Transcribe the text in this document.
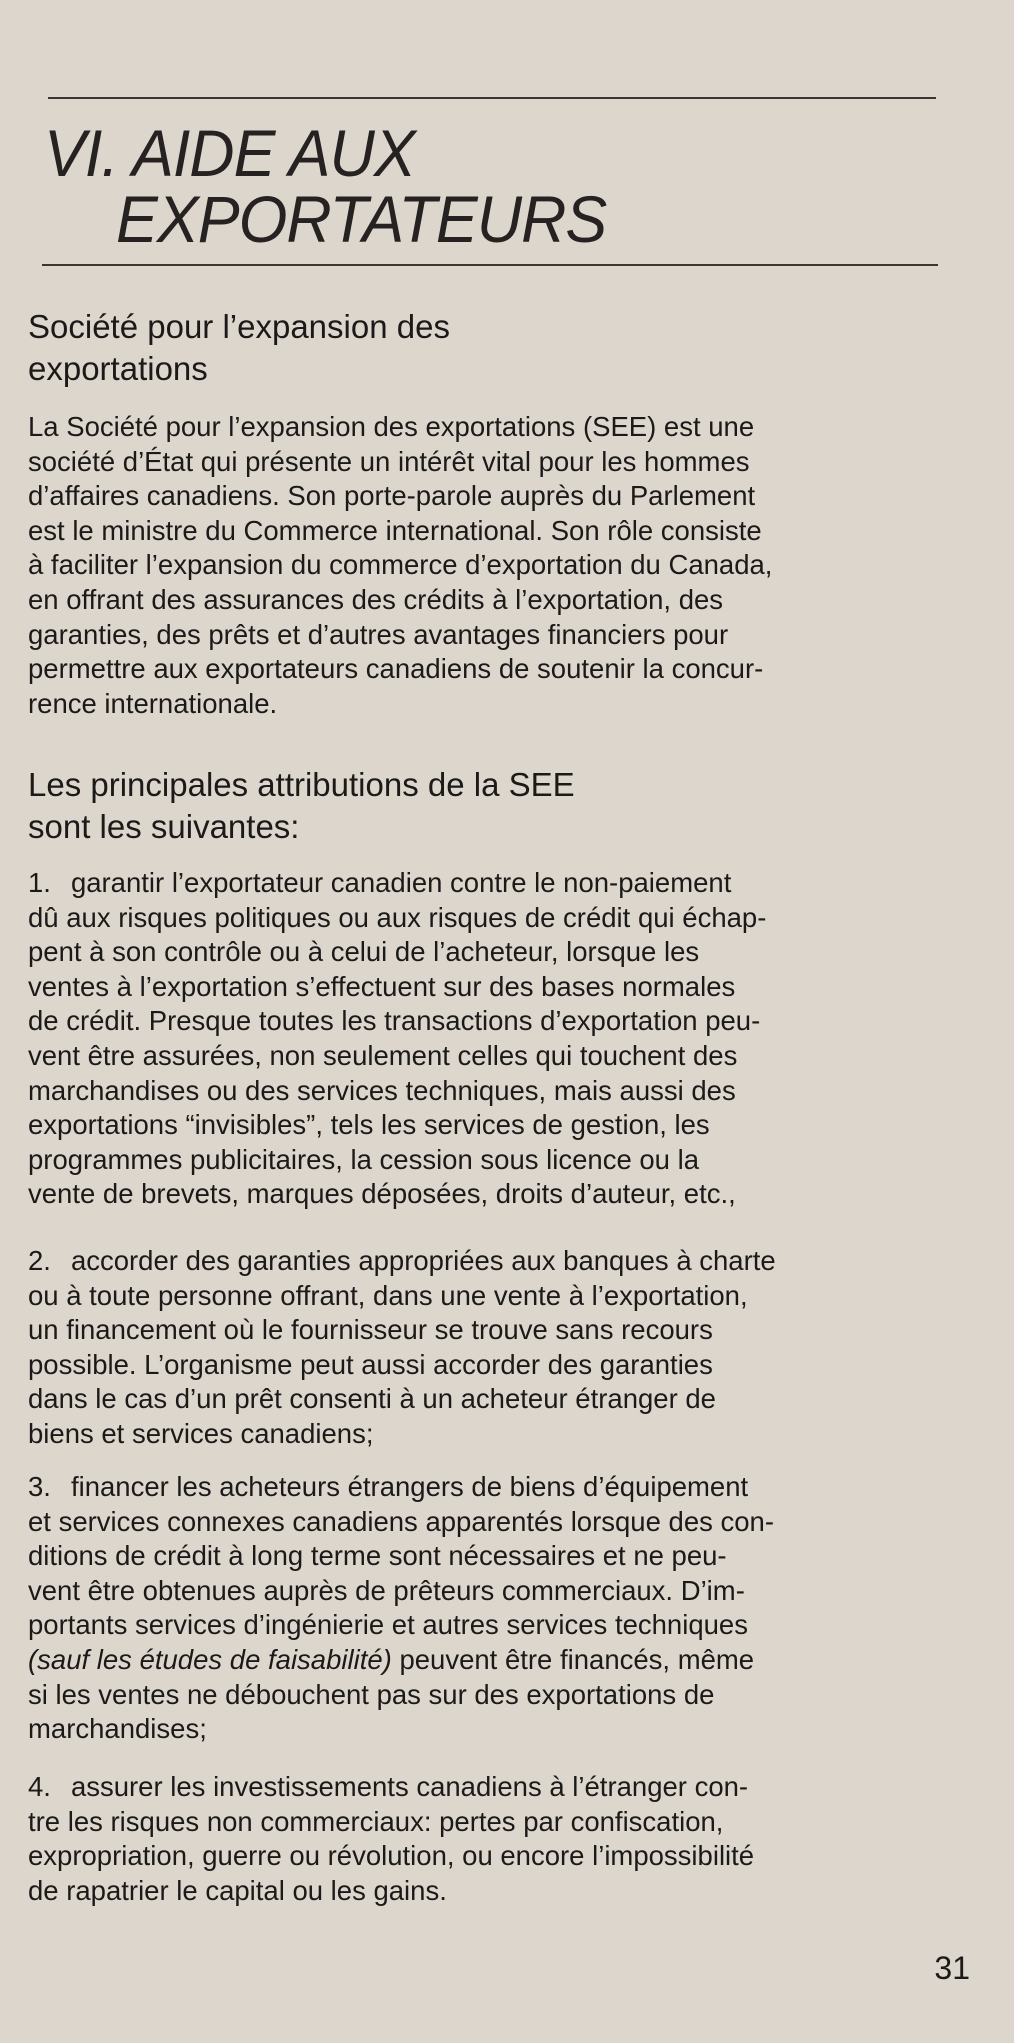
VI. AIDE AUX
EXPORTATEURS
Société pour l’expansion des
exportations
La Société pour l’expansion des exportations (SEE) est une
société d’État qui présente un intérêt vital pour les hommes
d’affaires canadiens. Son porte-parole auprès du Parlement
est le ministre du Commerce international. Son rôle consiste
à faciliter l’expansion du commerce d’exportation du Canada,
en offrant des assurances des crédits à l’exportation, des
garanties, des prêts et d’autres avantages financiers pour
permettre aux exportateurs canadiens de soutenir la concur-
rence internationale.
Les principales attributions de la SEE
sont les suivantes:
1. garantir l’exportateur canadien contre le non-paiement
dû aux risques politiques ou aux risques de crédit qui échap-
pent à son contrôle ou à celui de l’acheteur, lorsque les
ventes à l’exportation s’effectuent sur des bases normales
de crédit. Presque toutes les transactions d’exportation peu-
vent être assurées, non seulement celles qui touchent des
marchandises ou des services techniques, mais aussi des
exportations “invisibles”, tels les services de gestion, les
programmes publicitaires, la cession sous licence ou la
vente de brevets, marques déposées, droits d’auteur, etc.,
2. accorder des garanties appropriées aux banques à charte
ou à toute personne offrant, dans une vente à l’exportation,
un financement où le fournisseur se trouve sans recours
possible. L’organisme peut aussi accorder des garanties
dans le cas d’un prêt consenti à un acheteur étranger de
biens et services canadiens;
3. financer les acheteurs étrangers de biens d’équipement
et services connexes canadiens apparentés lorsque des con-
ditions de crédit à long terme sont nécessaires et ne peu-
vent être obtenues auprès de prêteurs commerciaux. D’im-
portants services d’ingénierie et autres services techniques
(sauf les études de faisabilité) peuvent être financés, même
si les ventes ne débouchent pas sur des exportations de
marchandises;
4. assurer les investissements canadiens à l’étranger con-
tre les risques non commerciaux: pertes par confiscation,
expropriation, guerre ou révolution, ou encore l’impossibilité
de rapatrier le capital ou les gains.
31
